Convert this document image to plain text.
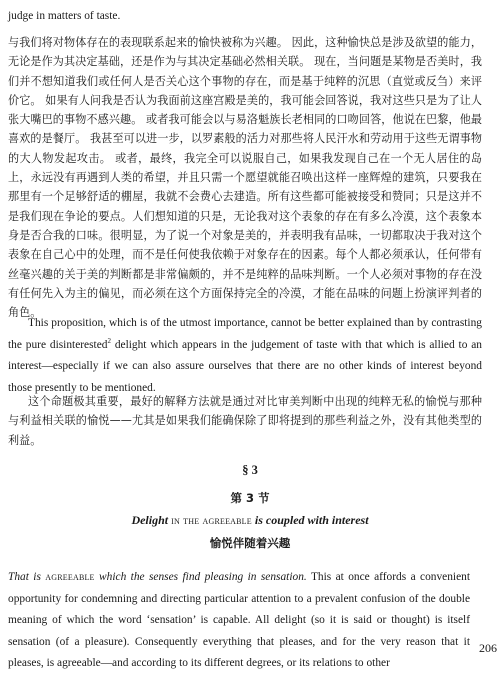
judge in matters of taste.

与我们将对物体存在的表现联系起来的愉快被称为兴趣。 因此，这种愉快总是涉及欲望的能力，无论是作为其决定基础，还是作为与其决定基础必然相关联。 现在，当问题是某物是否美时，我们并不想知道我们或任何人是否关心这个事物的存在，而是基于纯粹的沉思（直觉或反刍）来评价它。 如果有人问我是否认为我面前这座宫殿是美的，我可能会回答说，我对这些只是为了让人张大嘴巴的事物不感兴趣。 或者我可能会以与易洛魁族长老相同的口吻回答，他说在巴黎，他最喜欢的是餐厅。 我甚至可以进一步，以罗素般的活力对那些将人民汗水和劳动用于这些无谓事物的大人物发起攻击。 或者，最终，我完全可以说服自己，如果我发现自己在一个无人居住的岛上，永远没有再遇到人类的希望，并且只需一个愿望就能召唤出这样一座辉煌的建筑，只要我在那里有一个足够舒适的棚屋，我就不会费心去建造。所有这些都可能被接受和赞同；只是这并不是我们现在争论的要点。人们想知道的只是，无论我对这个表象的存在有多么冷漠，这个表象本身是否合我的口味。很明显，为了说一个对象是美的，并表明我有品味，一切都取决于我对这个表象在自己心中的处理，而不是任何使我依赖于对象存在的因素。每个人都必须承认，任何带有丝毫兴趣的关于美的判断都是非常偏颇的，并不是纯粹的品味判断。一个人必须对事物的存在没有任何先入为主的偏见，而必须在这个方面保持完全的冷漠，才能在品味的问题上扮演评判者的角色。

This proposition, which is of the utmost importance, cannot be better explained than by contrasting the pure disinterested$^2$ delight which appears in the judgement of taste with that which is allied to an interest—especially if we can also assure ourselves that there are no other kinds of interest beyond those presently to be mentioned.

这个命题极其重要，最好的解释方法就是通过对比审美判断中出现的纯粹无私的愉悦与那种与利益相关联的愉悦——尤其是如果我们能确保除了即将提到的那些利益之外，没有其他类型的利益。

§ 3
第 3 节
Delight in the agreeable is coupled with interest
愉悦伴随着兴趣

That is agreeable which the senses find pleasing in sensation. This at once affords a convenient opportunity for condemning and directing particular attention to a prevalent confusion of the double meaning of which the word ‘sensation’ is capable. All delight (so it is said or thought) is itself sensation (of a pleasure). Consequently everything that pleases, and for the very reason that it pleases, is agreeable—and according to its different degrees, or its relations to other

206
